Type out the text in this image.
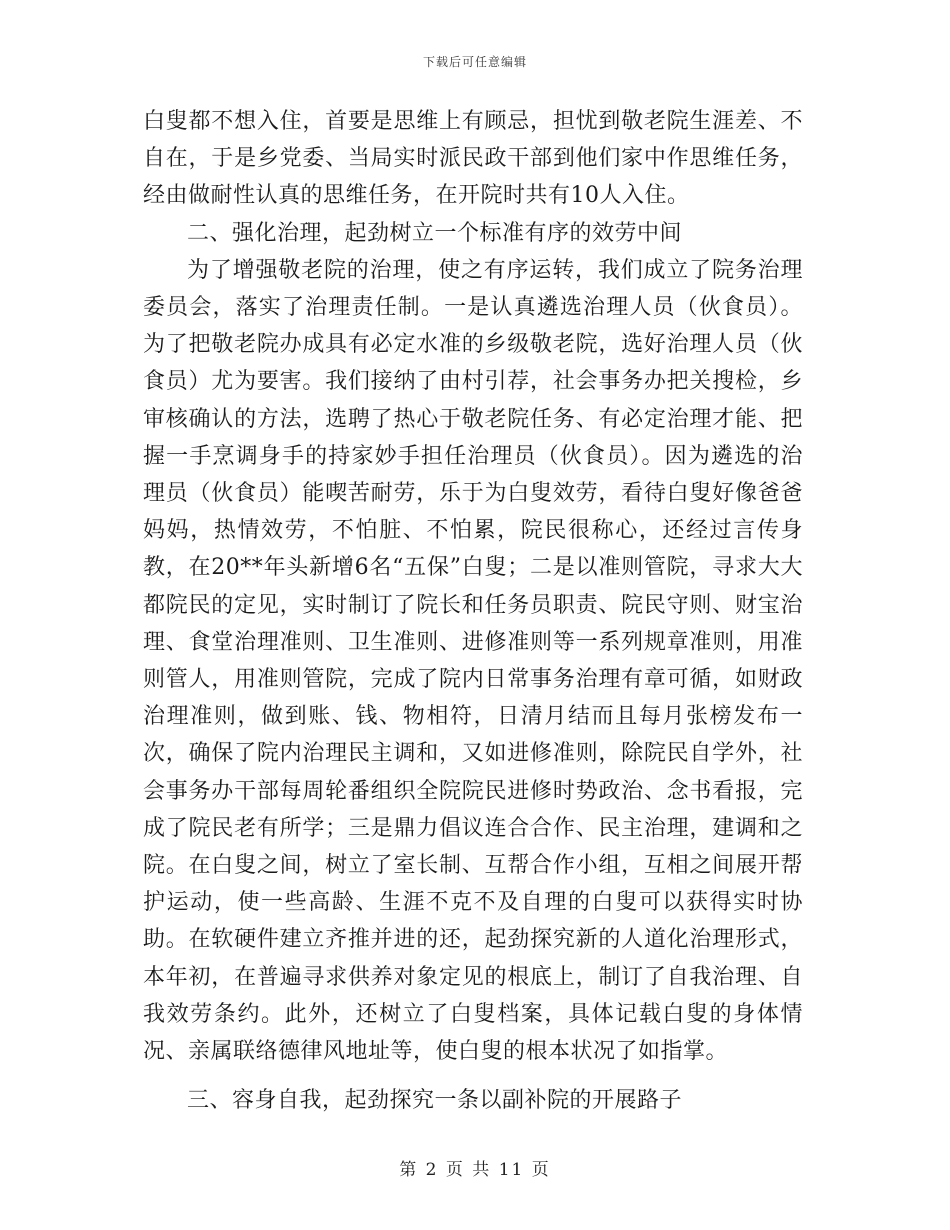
下载后可任意编辑

白叟都不想入住，首要是思维上有顾忌，担忧到敬老院生涯差、不自在，于是乡党委、当局实时派民政干部到他们家中作思维任务，经由做耐性认真的思维任务，在开院时共有10人入住。

二、强化治理，起劲树立一个标准有序的效劳中间

为了增强敬老院的治理，使之有序运转，我们成立了院务治理委员会，落实了治理责任制。一是认真遴选治理人员（伙食员）。为了把敬老院办成具有必定水准的乡级敬老院，选好治理人员（伙食员）尤为要害。我们接纳了由村引荐，社会事务办把关搜检，乡审核确认的方法，选聘了热心于敬老院任务、有必定治理才能、把握一手烹调身手的持家妙手担任治理员（伙食员）。因为遴选的治理员（伙食员）能喫苦耐劳，乐于为白叟效劳，看待白叟好像爸爸妈妈，热情效劳，不怕脏、不怕累，院民很称心，还经过言传身教，在20**年头新增6名“五保”白叟；二是以准则管院，寻求大大都院民的定见，实时制订了院长和任务员职责、院民守则、财宝治理、食堂治理准则、卫生准则、进修准则等一系列规章准则，用准则管人，用准则管院，完成了院内日常事务治理有章可循，如财政治理准则，做到账、钱、物相符，日清月结而且每月张榜发布一次，确保了院内治理民主调和，又如进修准则，除院民自学外，社会事务办干部每周轮番组织全院院民进修时势政治、念书看报，完成了院民老有所学；三是鼎力倡议连合合作、民主治理，建调和之院。在白叟之间，树立了室长制、互帮合作小组，互相之间展开帮护运动，使一些高龄、生涯不克不及自理的白叟可以获得实时协助。在软硬件建立齐推并进的还，起劲探究新的人道化治理形式，本年初，在普遍寻求供养对象定见的根底上，制订了自我治理、自我效劳条约。此外，还树立了白叟档案，具体记载白叟的身体情况、亲属联络德律风地址等，使白叟的根本状况了如指掌。

三、容身自我，起劲探究一条以副补院的开展路子

第 2 页 共 11 页
